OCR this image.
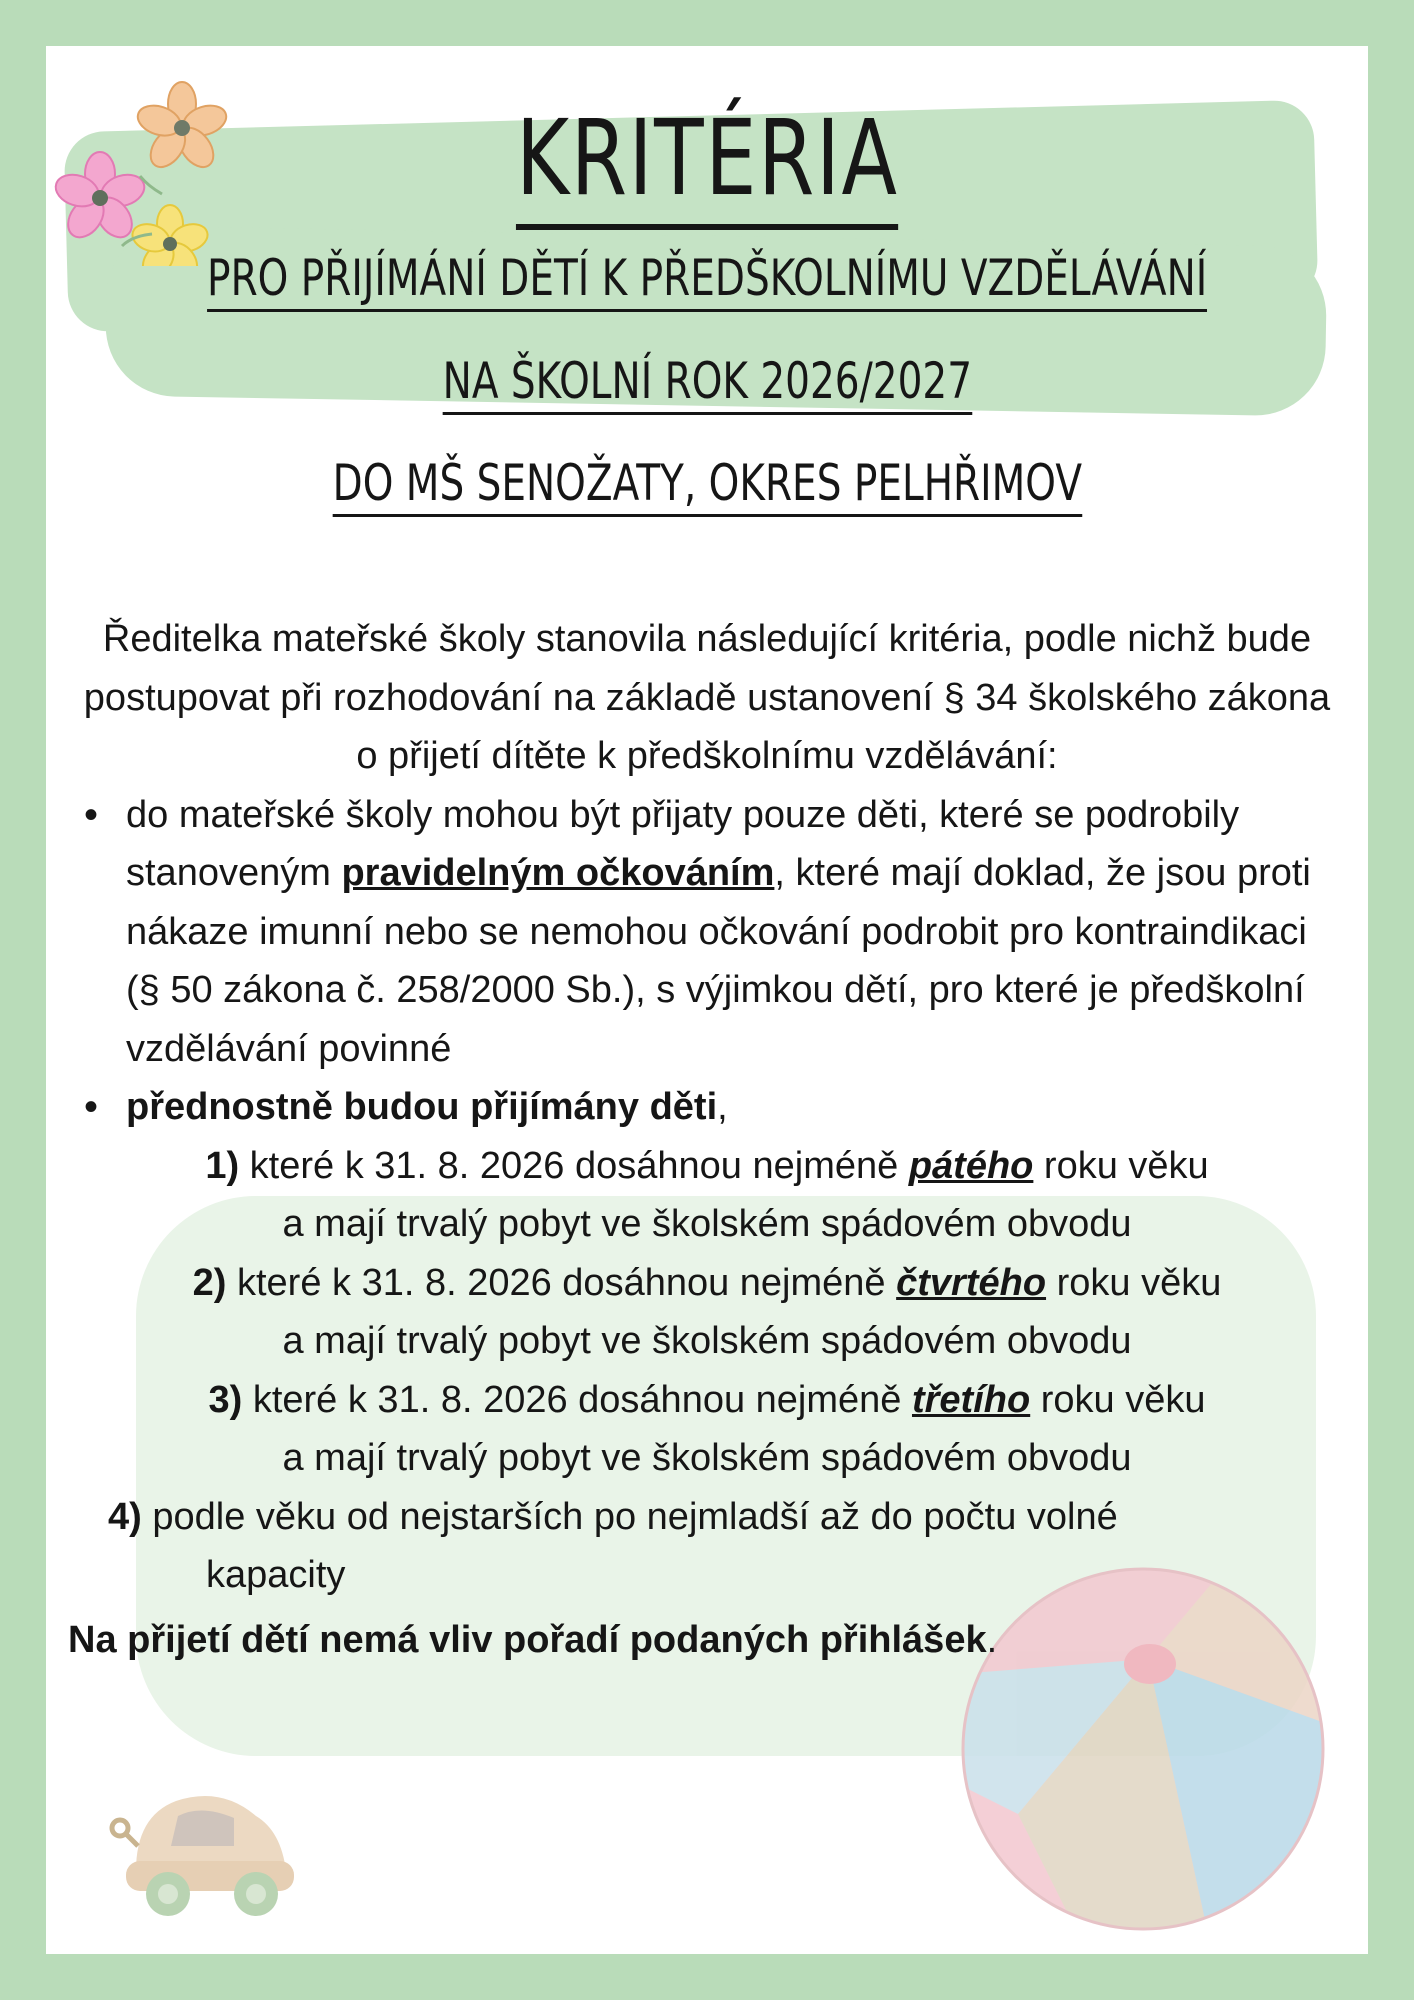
KRITÉRIA
PRO PŘIJÍMÁNÍ DĚTÍ K PŘEDŠKOLNÍMU VZDĚLÁVÁNÍ
NA ŠKOLNÍ ROK 2026/2027
DO MŠ SENOŽATY, OKRES PELHŘIMOV
Ředitelka mateřské školy stanovila následující kritéria, podle nichž bude postupovat při rozhodování na základě ustanovení § 34 školského zákona o přijetí dítěte k předškolnímu vzdělávání:
• do mateřské školy mohou být přijaty pouze děti, které se podrobily stanoveným pravidelným očkováním, které mají doklad, že jsou proti nákaze imunní nebo se nemohou očkování podrobit pro kontraindikaci (§ 50 zákona č. 258/2000 Sb.), s výjimkou dětí, pro které je předškolní vzdělávání povinné
• přednostně budou přijímány děti,
1) které k 31. 8. 2026 dosáhnou nejméně pátého roku věku
a mají trvalý pobyt ve školském spádovém obvodu
2) které k 31. 8. 2026 dosáhnou nejméně čtvrtého roku věku
a mají trvalý pobyt ve školském spádovém obvodu
3) které k 31. 8. 2026 dosáhnou nejméně třetího roku věku
a mají trvalý pobyt ve školském spádovém obvodu
4) podle věku od nejstarších po nejmladší až do počtu volné
kapacity
Na přijetí dětí nemá vliv pořadí podaných přihlášek.
